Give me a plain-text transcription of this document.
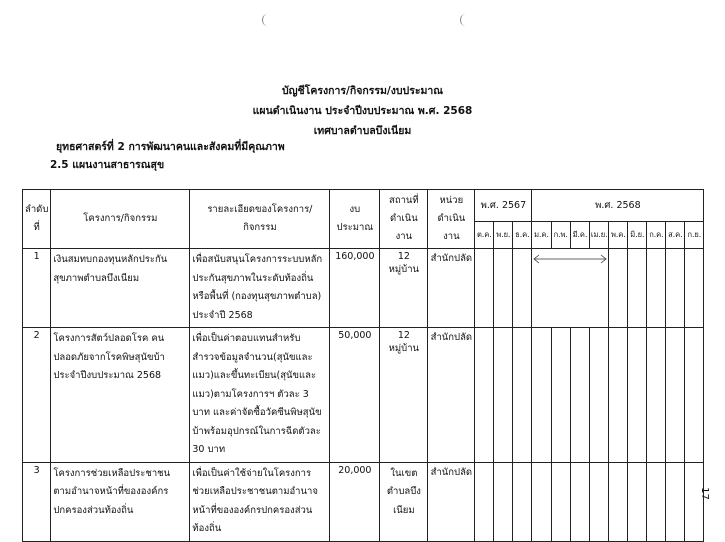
บัญชีโครงการ/กิจกรรม/งบประมาณ
แผนดำเนินงาน ประจำปีงบประมาณ พ.ศ. 2568
เทศบาลตำบลบึงเนียม
ยุทธศาสตร์ที่ 2 การพัฒนาคนและสังคมที่มีคุณภาพ
2.5 แผนงานสาธารณสุข
ลำดับที่	โครงการ/กิจกรรม	รายละเอียดของโครงการ/กิจกรรม	งบประมาณ	สถานที่ดำเนินงาน	หน่วยดำเนินงาน	พ.ศ. 2567			พ.ศ. 2568								
						ต.ค.	พ.ย.	ธ.ค.	ม.ค.	ก.พ.	มี.ค.	เม.ย.	พ.ค.	มิ.ย.	ก.ค.	ส.ค.	ก.ย.
1	เงินสมทบกองทุนหลักประกันสุขภาพตำบลบึงเนียม	เพื่อสนับสนุนโครงการระบบหลักประกันสุขภาพในระดับท้องถิ่นหรือพื้นที่ (กองทุนสุขภาพตำบล) ประจำปี 2568	160,000	12 หมู่บ้าน	สำนักปลัด				

2	โครงการสัตว์ปลอดโรค คนปลอดภัยจากโรคพิษสุนัขบ้า ประจำปีงบประมาณ 2568	เพื่อเป็นค่าตอบแทนสำหรับสำรวจข้อมูลจำนวน(สุนัขและแมว)และขึ้นทะเบียน(สุนัขและแมว)ตามโครงการฯ ตัวละ 3 บาท และค่าจัดซื้อวัคซีนพิษสุนัขบ้าพร้อมอุปกรณ์ในการฉีดตัวละ 30 บาท	50,000	12 หมู่บ้าน	สำนักปลัด												
3	โครงการช่วยเหลือประชาชนตามอำนาจหน้าที่ขององค์กรปกครองส่วนท้องถิ่น	เพื่อเป็นค่าใช้จ่ายในโครงการช่วยเหลือประชาชนตามอำนาจหน้าที่ขององค์กรปกครองส่วนท้องถิ่น	20,000	ในเขตตำบลบึงเนียม	สำนักปลัด												
17
